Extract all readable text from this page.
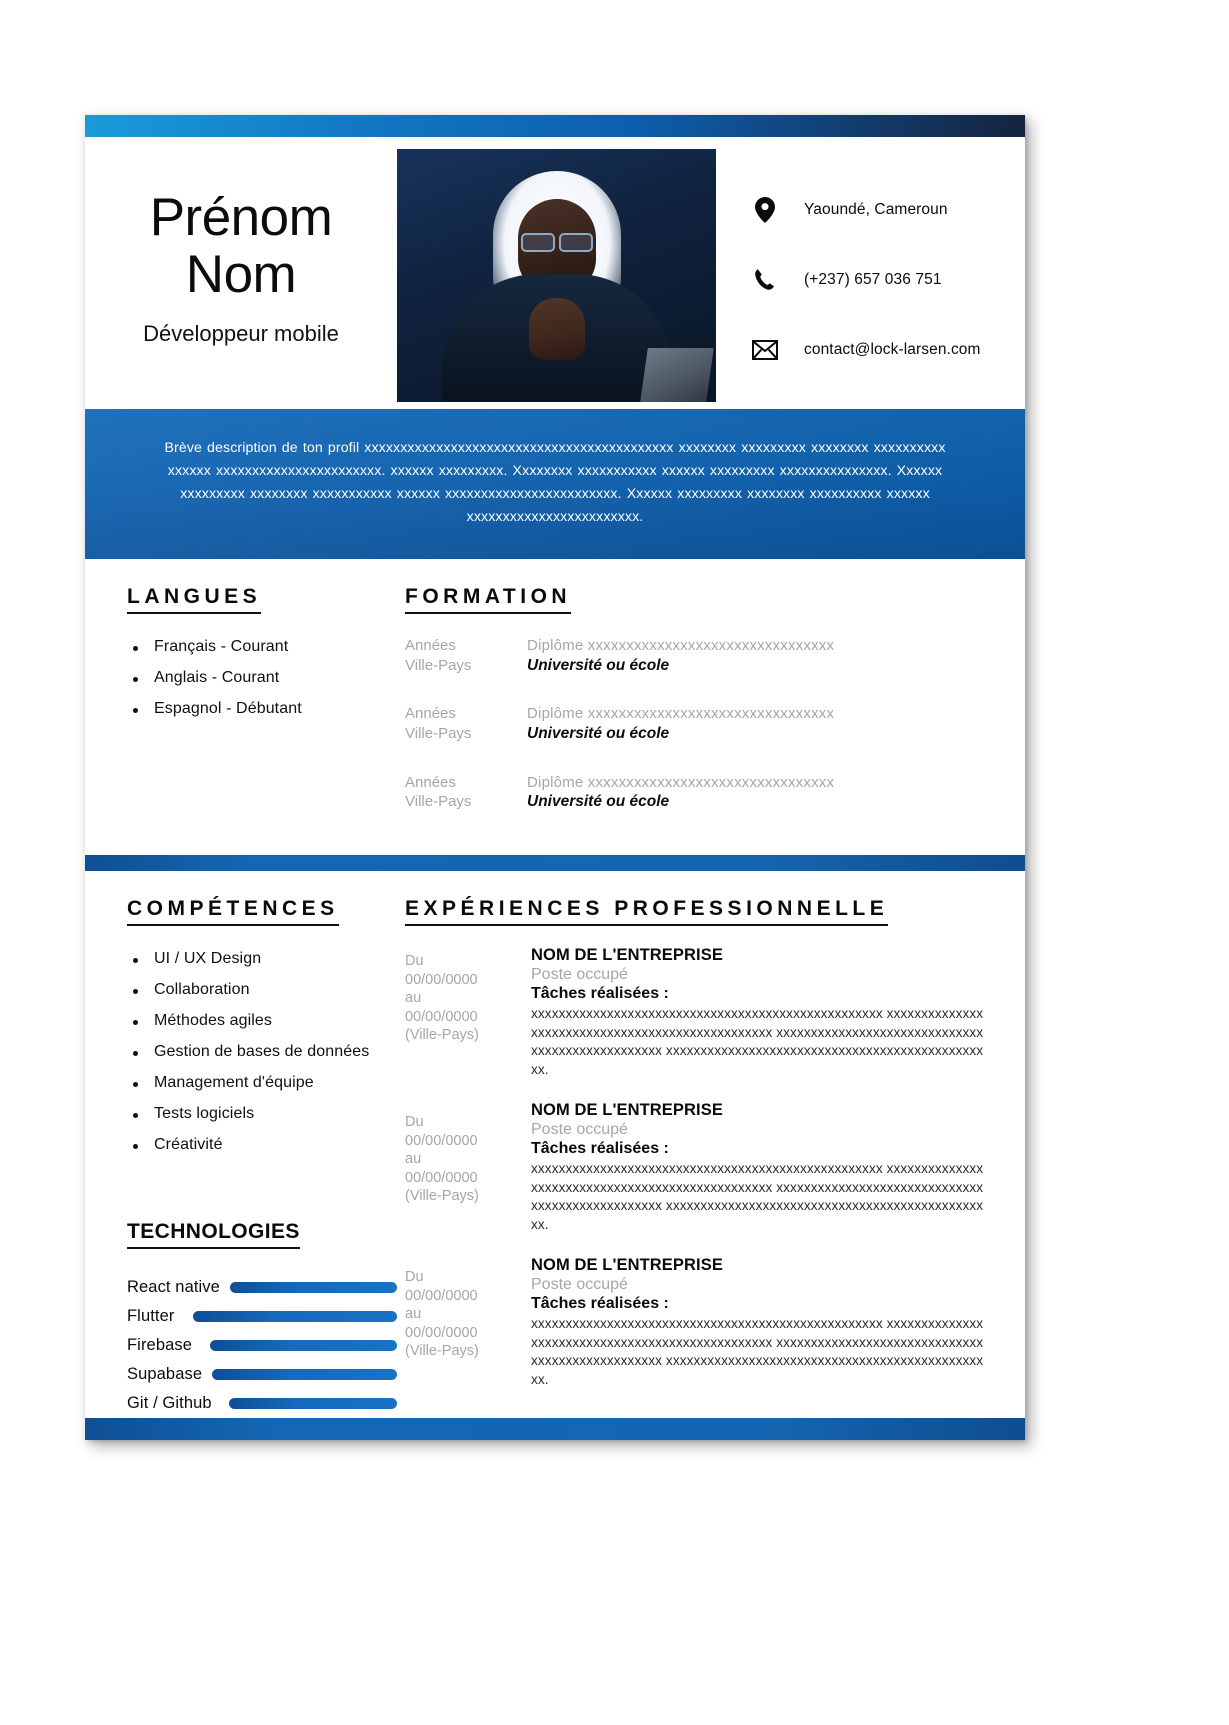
Prénom
Nom
Développeur mobile
Yaoundé, Cameroun
(+237) 657 036 751
contact@lock-larsen.com
Brève description de ton profil xxxxxxxxxxxxxxxxxxxxxxxxxxxxxxxxxxxxxxxxxxx xxxxxxxx xxxxxxxxx xxxxxxxx xxxxxxxxxx xxxxxx xxxxxxxxxxxxxxxxxxxxxxx. xxxxxx xxxxxxxxx. Xxxxxxxx xxxxxxxxxxx xxxxxx xxxxxxxxx xxxxxxxxxxxxxxx. Xxxxxx xxxxxxxxx xxxxxxxx xxxxxxxxxxx xxxxxx xxxxxxxxxxxxxxxxxxxxxxxx. Xxxxxx xxxxxxxxx xxxxxxxx xxxxxxxxxx xxxxxx xxxxxxxxxxxxxxxxxxxxxxxx.
LANGUES
Français - Courant
Anglais - Courant
Espagnol - Débutant
FORMATION
Années
Ville-Pays
Diplôme xxxxxxxxxxxxxxxxxxxxxxxxxxxxxxxx
Université ou école
Années
Ville-Pays
Diplôme xxxxxxxxxxxxxxxxxxxxxxxxxxxxxxxx
Université ou école
Années
Ville-Pays
Diplôme xxxxxxxxxxxxxxxxxxxxxxxxxxxxxxxx
Université ou école
COMPÉTENCES
UI / UX Design
Collaboration
Méthodes agiles
Gestion de bases de données
Management d'équipe
Tests logiciels
Créativité
TECHNOLOGIES
React native
Flutter
Firebase
Supabase
Git / Github
EXPÉRIENCES PROFESSIONNELLE
Du
00/00/0000
au
00/00/0000
(Ville-Pays)
NOM DE L'ENTREPRISE
Poste occupé
Tâches réalisées :
xxxxxxxxxxxxxxxxxxxxxxxxxxxxxxxxxxxxxxxxxxxxxxxxxxx xxxxxxxxxxxxxxxxxxxxxxxxxxxxxxxxxxxxxxxxxxxxxxxxx xxxxxxxxxxxxxxxxxxxxxxxxxxxxxxxxxxxxxxxxxxxxxxxxx xxxxxxxxxxxxxxxxxxxxxxxxxxxxxxxxxxxxxxxxxxxxxxxx.
Du
00/00/0000
au
00/00/0000
(Ville-Pays)
NOM DE L'ENTREPRISE
Poste occupé
Tâches réalisées :
xxxxxxxxxxxxxxxxxxxxxxxxxxxxxxxxxxxxxxxxxxxxxxxxxxx xxxxxxxxxxxxxxxxxxxxxxxxxxxxxxxxxxxxxxxxxxxxxxxxx xxxxxxxxxxxxxxxxxxxxxxxxxxxxxxxxxxxxxxxxxxxxxxxxx xxxxxxxxxxxxxxxxxxxxxxxxxxxxxxxxxxxxxxxxxxxxxxxx.
Du
00/00/0000
au
00/00/0000
(Ville-Pays)
NOM DE L'ENTREPRISE
Poste occupé
Tâches réalisées :
xxxxxxxxxxxxxxxxxxxxxxxxxxxxxxxxxxxxxxxxxxxxxxxxxxx xxxxxxxxxxxxxxxxxxxxxxxxxxxxxxxxxxxxxxxxxxxxxxxxx xxxxxxxxxxxxxxxxxxxxxxxxxxxxxxxxxxxxxxxxxxxxxxxxx xxxxxxxxxxxxxxxxxxxxxxxxxxxxxxxxxxxxxxxxxxxxxxxx.
